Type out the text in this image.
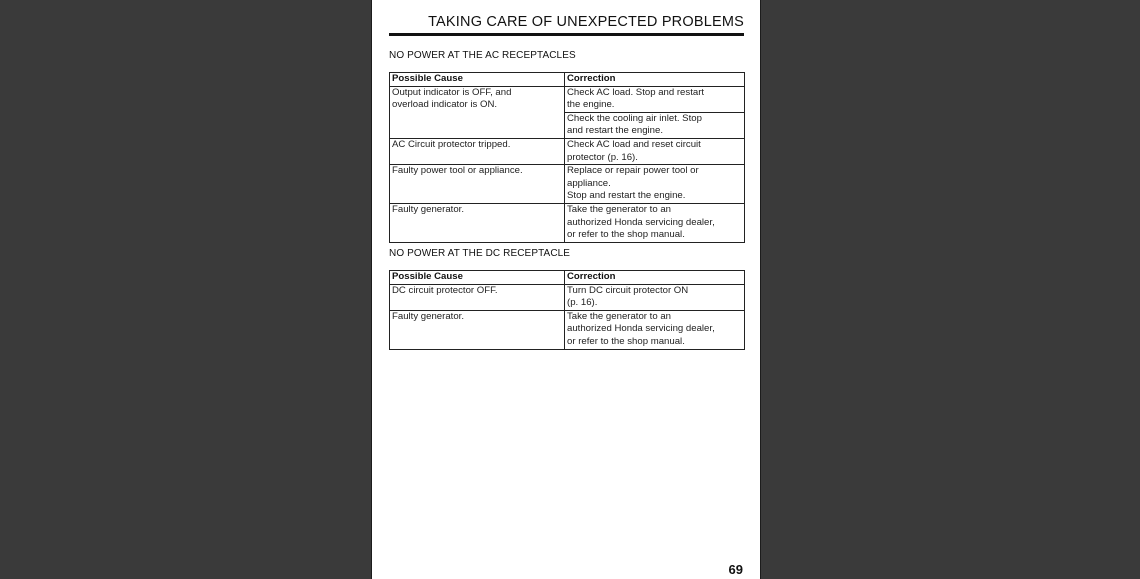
TAKING CARE OF UNEXPECTED PROBLEMS
NO POWER AT THE AC RECEPTACLES
Possible Cause	Correction
Output indicator is OFF, and
overload indicator is ON.	Check AC load. Stop and restart
the engine.
	Check the cooling air inlet. Stop
and restart the engine.
AC Circuit protector tripped.	Check AC load and reset circuit
protector (p. 16).
Faulty power tool or appliance.	Replace or repair power tool or
appliance.
Stop and restart the engine.
Faulty generator.	Take the generator to an
authorized Honda servicing dealer,
or refer to the shop manual.
NO POWER AT THE DC RECEPTACLE
Possible Cause	Correction
DC circuit protector OFF.	Turn DC circuit protector ON
(p. 16).
Faulty generator.	Take the generator to an
authorized Honda servicing dealer,
or refer to the shop manual.
69
